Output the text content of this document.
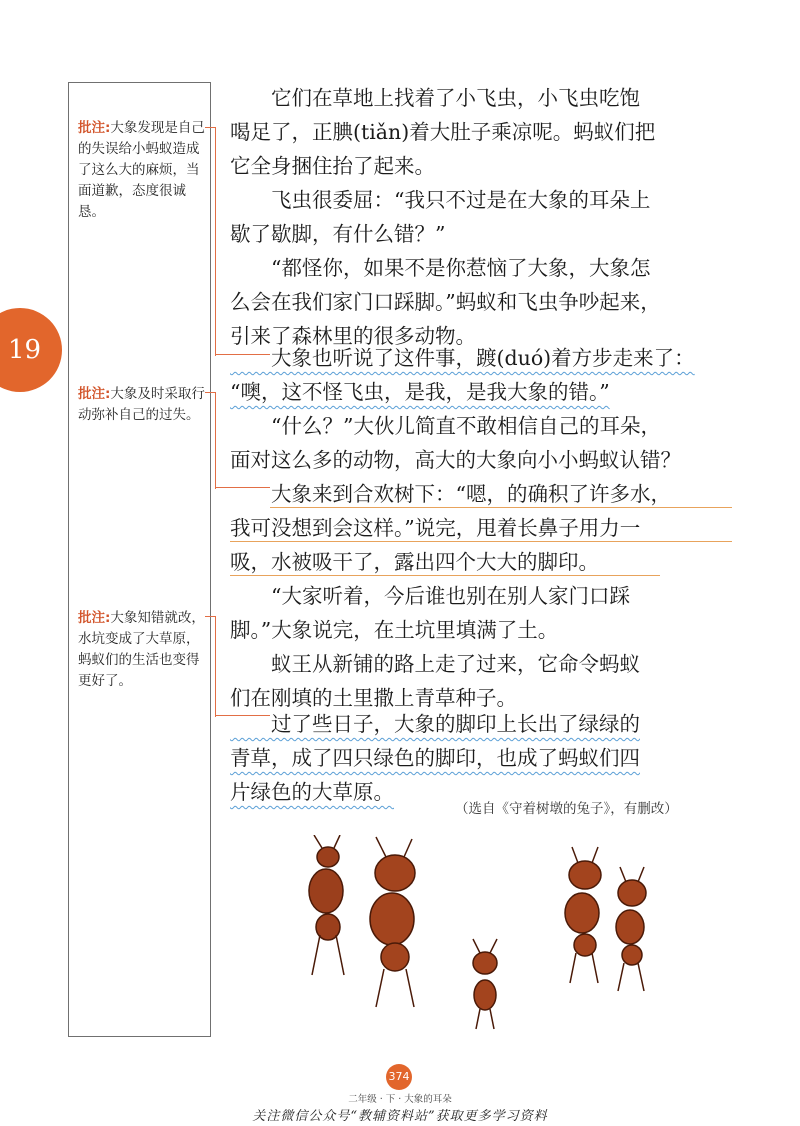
19
批注:大象发现是自己的失误给小蚂蚁造成了这么大的麻烦，当面道歉，态度很诚恳。
批注:大象及时采取行动弥补自己的过失。
批注:大象知错就改，水坑变成了大草原，蚂蚁们的生活也变得更好了。
　　它们在草地上找着了小飞虫，小飞虫吃饱
喝足了，正腆(tiǎn)着大肚子乘凉呢。蚂蚁们把
它全身捆住抬了起来。
　　飞虫很委屈：“我只不过是在大象的耳朵上
歇了歇脚，有什么错？”
　　“都怪你，如果不是你惹恼了大象，大象怎
么会在我们家门口踩脚。”蚂蚁和飞虫争吵起来，
引来了森林里的很多动物。
　　大象也听说了这件事，踱(duó)着方步走来了：
“噢，这不怪飞虫，是我，是我大象的错。”
　　“什么？”大伙儿简直不敢相信自己的耳朵，
面对这么多的动物，高大的大象向小小蚂蚁认错？
　　大象来到合欢树下：“嗯，的确积了许多水，
我可没想到会这样。”说完，甩着长鼻子用力一
吸，水被吸干了，露出四个大大的脚印。
　　“大家听着，今后谁也别在别人家门口踩
脚。”大象说完，在土坑里填满了土。
　　蚁王从新铺的路上走了过来，它命令蚂蚁
们在刚填的土里撒上青草种子。
　　过了些日子，大象的脚印上长出了绿绿的
青草，成了四只绿色的脚印，也成了蚂蚁们四
片绿色的大草原。
（选自《守着树墩的兔子》，有删改）
374
二年级 · 下 · 大象的耳朵
关注微信公众号“教辅资料站”获取更多学习资料
